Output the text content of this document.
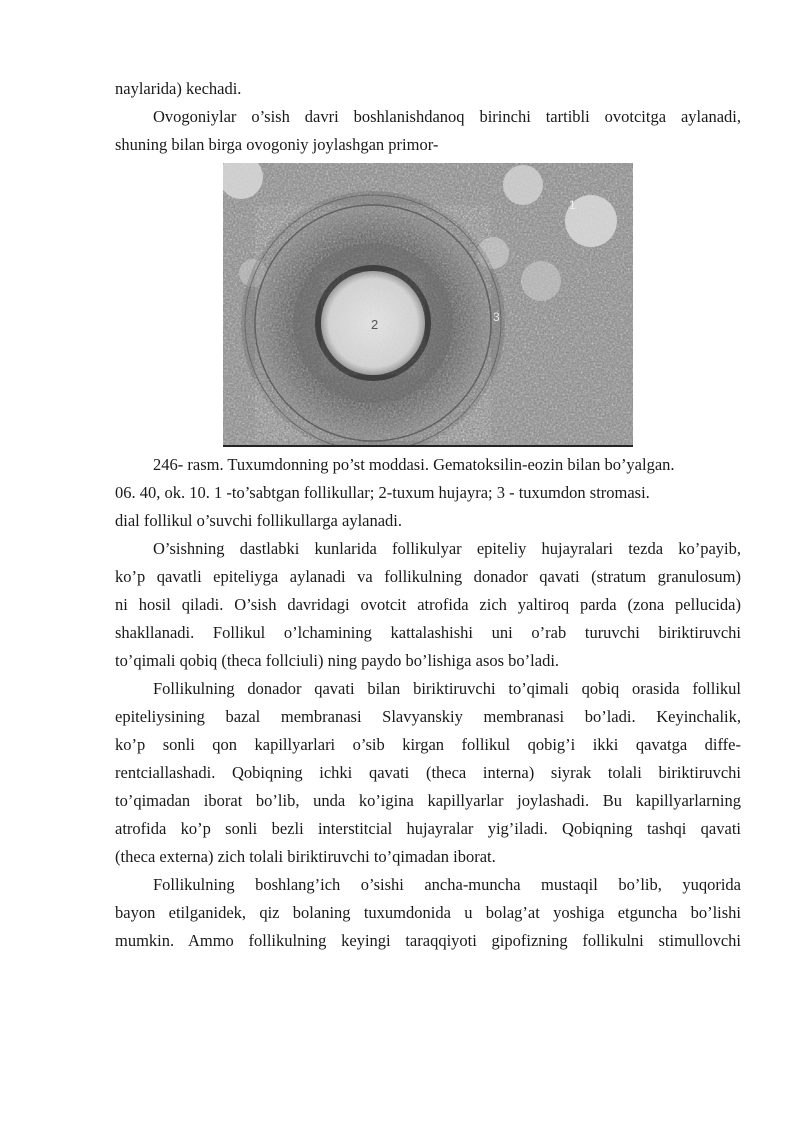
naylarida) kechadi.
Ovogoniylar o’sish davri boshlanishdanoq birinchi tartibli ovotcitga aylanadi,
shuning bilan birga ovogoniy joylashgan primor-
1
2	3
246- rasm. Tuxumdonning po’st moddasi. Gematoksilin-eozin bilan bo’yalgan.
06. 40, ok. 10. 1 -to’sabtgan follikullar; 2-tuxum hujayra; 3 - tuxumdon stromasi.
dial follikul o’suvchi follikullarga aylanadi.
O’sishning dastlabki kunlarida follikulyar epiteliy hujayralari tezda ko’payib,
ko’p qavatli epiteliyga aylanadi va follikulning donador qavati (stratum granulosum)
ni hosil qiladi. O’sish davridagi ovotcit atrofida zich yaltiroq parda (zona pellucida)
shakllanadi. Follikul o’lchamining kattalashishi uni o’rab turuvchi biriktiruvchi
to’qimali qobiq (theca follciuli) ning paydo bo’lishiga asos bo’ladi.
Follikulning donador qavati bilan biriktiruvchi to’qimali qobiq orasida follikul
epiteliysining bazal membranasi Slavyanskiy membranasi bo’ladi. Keyinchalik,
ko’p sonli qon kapillyarlari o’sib kirgan follikul qobig’i ikki qavatga diffe-
rentciallashadi. Qobiqning ichki qavati (theca interna) siyrak tolali biriktiruvchi
to’qimadan iborat bo’lib, unda ko’igina kapillyarlar joylashadi. Bu kapillyarlarning
atrofida ko’p sonli bezli interstitcial hujayralar yig’iladi. Qobiqning tashqi qavati
(theca externa) zich tolali biriktiruvchi to’qimadan iborat.
Follikulning boshlang’ich o’sishi ancha-muncha mustaqil bo’lib, yuqorida
bayon etilganidek, qiz bolaning tuxumdonida u bolag’at yoshiga etguncha bo’lishi
mumkin. Ammo follikulning keyingi taraqqiyoti gipofizning follikulni stimullovchi
